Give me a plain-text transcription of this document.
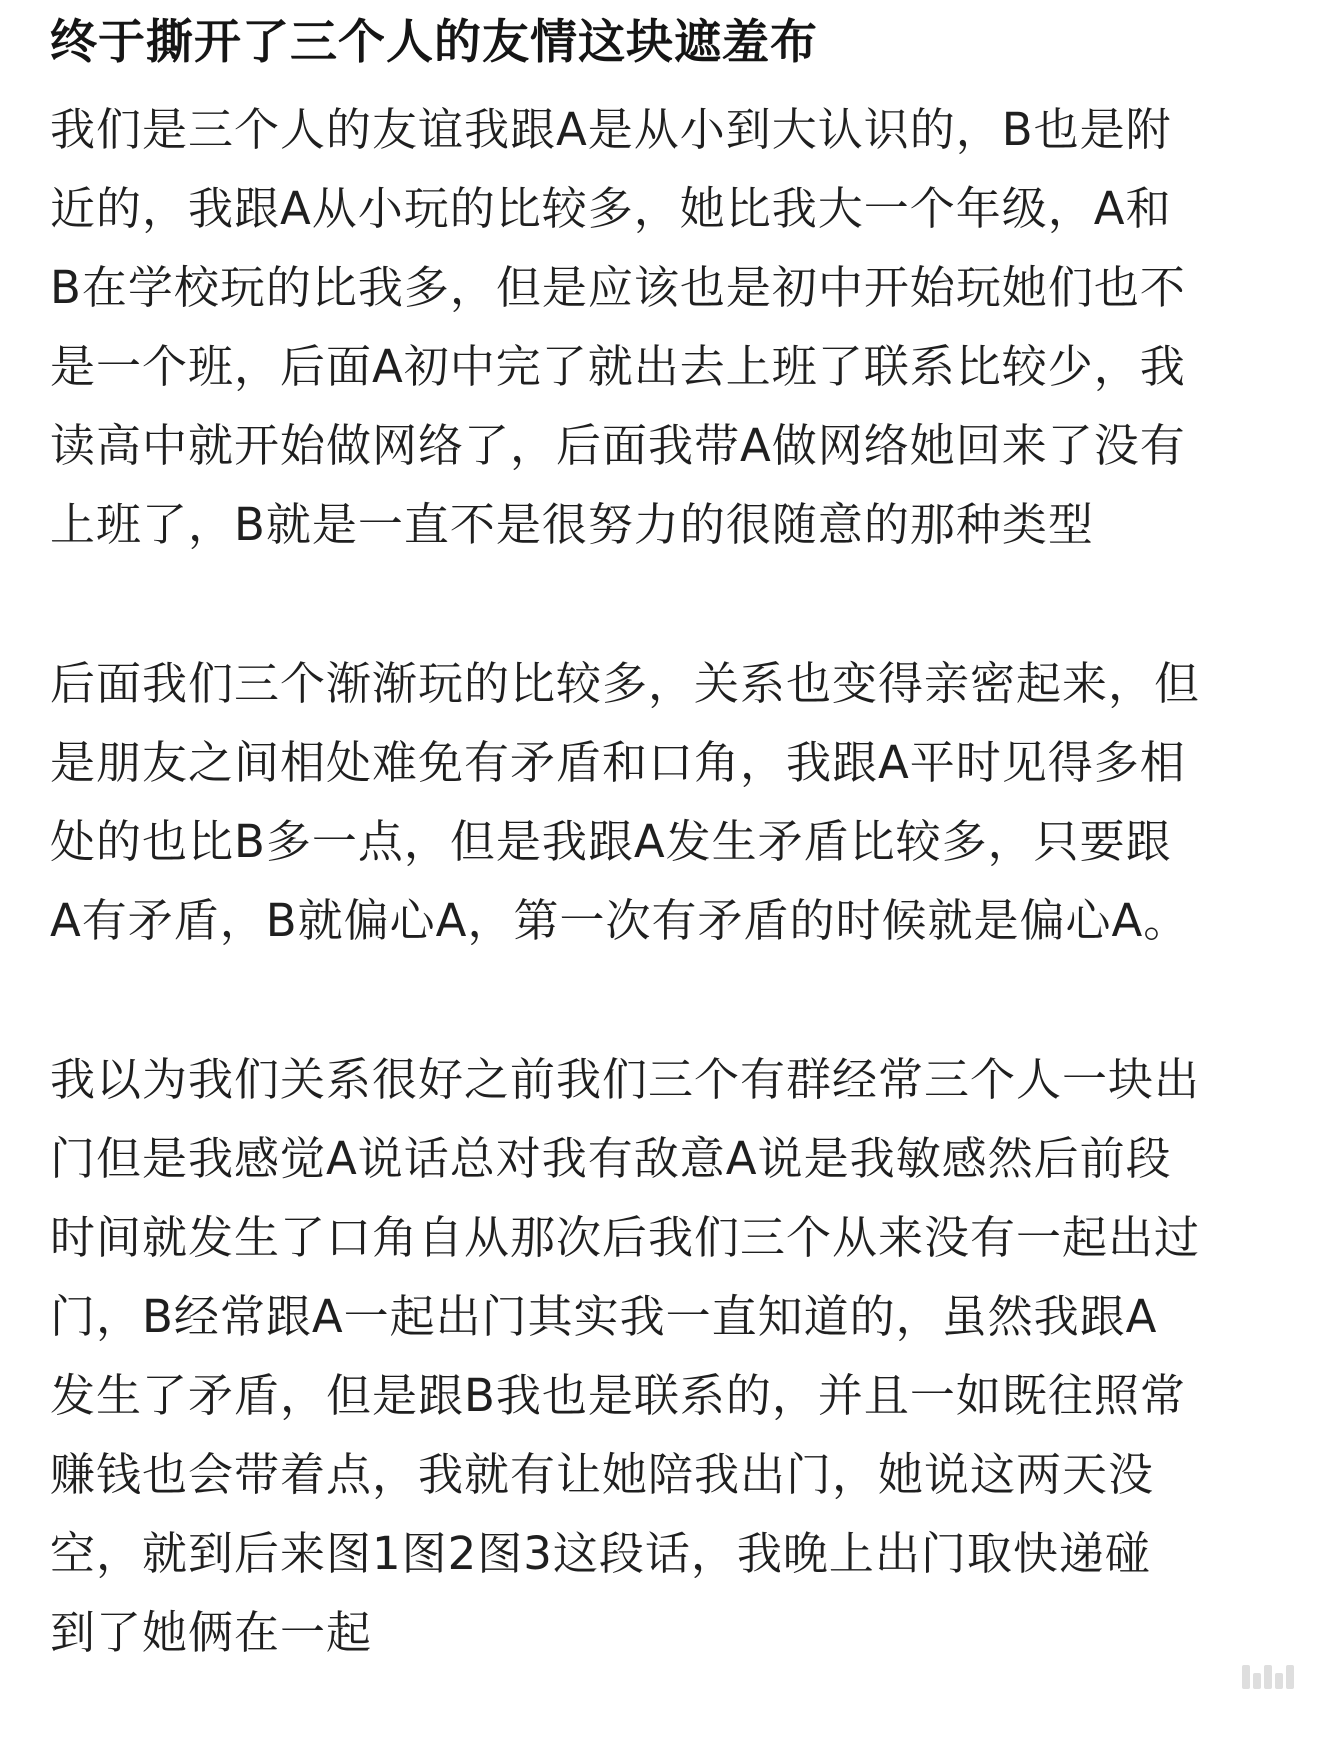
终于撕开了三个人的友情这块遮羞布

我们是三个人的友谊我跟A是从小到大认识的，B也是附
近的，我跟A从小玩的比较多，她比我大一个年级，A和
B在学校玩的比我多，但是应该也是初中开始玩她们也不
是一个班，后面A初中完了就出去上班了联系比较少，我
读高中就开始做网络了，后面我带A做网络她回来了没有
上班了，B就是一直不是很努力的很随意的那种类型

后面我们三个渐渐玩的比较多，关系也变得亲密起来，但
是朋友之间相处难免有矛盾和口角，我跟A平时见得多相
处的也比B多一点，但是我跟A发生矛盾比较多，只要跟
A有矛盾，B就偏心A，第一次有矛盾的时候就是偏心A。

我以为我们关系很好之前我们三个有群经常三个人一块出
门但是我感觉A说话总对我有敌意A说是我敏感然后前段
时间就发生了口角自从那次后我们三个从来没有一起出过
门，B经常跟A一起出门其实我一直知道的，虽然我跟A
发生了矛盾，但是跟B我也是联系的，并且一如既往照常
赚钱也会带着点，我就有让她陪我出门，她说这两天没
空，就到后来图1图2图3这段话，我晚上出门取快递碰
到了她俩在一起
